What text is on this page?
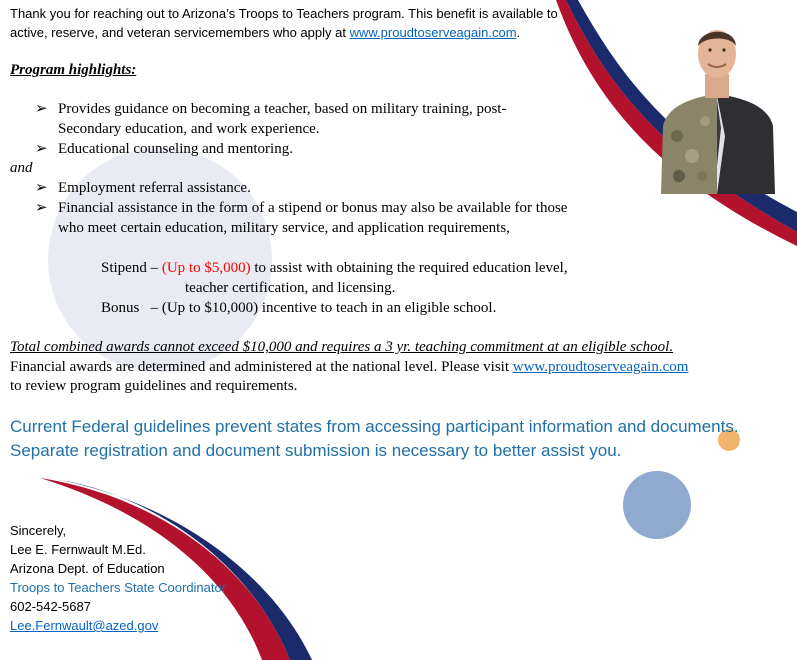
Thank you for reaching out to Arizona’s Troops to Teachers program. This benefit is available to active, reserve, and veteran servicemembers who apply at www.proudtoserveagain.com.
Program highlights:
➢ Provides guidance on becoming a teacher, based on military training, post-
Secondary education, and work experience.
➢ Educational counseling and mentoring.
and
➢ Employment referral assistance.
➢ Financial assistance in the form of a stipend or bonus may also be available for those
who meet certain education, military service, and application requirements,
Stipend – (Up to $5,000) to assist with obtaining the required education level,
teacher certification, and licensing.
Bonus – (Up to $10,000) incentive to teach in an eligible school.
Total combined awards cannot exceed $10,000 and requires a 3 yr. teaching commitment at an eligible school.
Financial awards are determined and administered at the national level. Please visit www.proudtoserveagain.com
to review program guidelines and requirements.
Current Federal guidelines prevent states from accessing participant information and documents.
Separate registration and document submission is necessary to better assist you.
Sincerely,
Lee E. Fernwault M.Ed.
Arizona Dept. of Education
Troops to Teachers State Coordinator
602-542-5687
Lee.Fernwault@azed.gov
